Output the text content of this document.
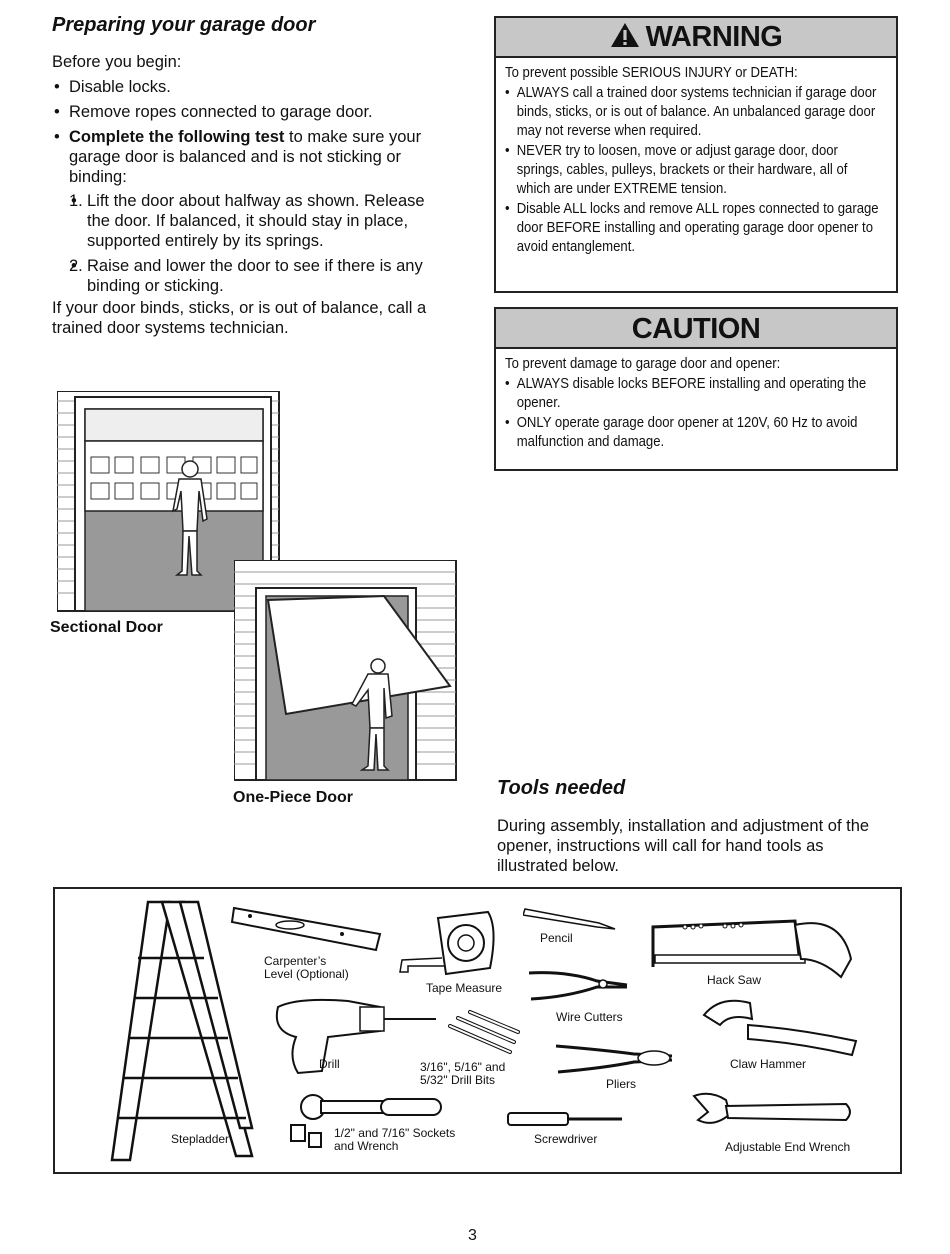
Preparing your garage door
Before you begin:
• Disable locks.
• Remove ropes connected to garage door.
• Complete the following test to make sure your garage door is balanced and is not sticking or binding:
• 1. Lift the door about halfway as shown. Release the door. If balanced, it should stay in place, supported entirely by its springs.
• 2. Raise and lower the door to see if there is any binding or sticking.
If your door binds, sticks, or is out of balance, call a trained door systems technician.
WARNING
To prevent possible SERIOUS INJURY or DEATH:
• ALWAYS call a trained door systems technician if garage door binds, sticks, or is out of balance. An unbalanced garage door may not reverse when required.
• NEVER try to loosen, move or adjust garage door, door springs, cables, pulleys, brackets or their hardware, all of which are under EXTREME tension.
• Disable ALL locks and remove ALL ropes connected to garage door BEFORE installing and operating garage door opener to avoid entanglement.
CAUTION
To prevent damage to garage door and opener:
• ALWAYS disable locks BEFORE installing and operating the opener.
• ONLY operate garage door opener at 120V, 60 Hz to avoid malfunction and damage.
Sectional Door
One-Piece Door	Tools needed
During assembly, installation and adjustment of the opener, instructions will call for hand tools as illustrated below.
Stepladder
Carpenter’s
Level (Optional)
Tape Measure
Pencil
Hack Saw
Drill	3/16", 5/16" and
5/32" Drill Bits
Wire Cutters
Pliers
Claw Hammer
1/2" and 7/16" Sockets
and Wrench	Screwdriver
Adjustable End Wrench
3
